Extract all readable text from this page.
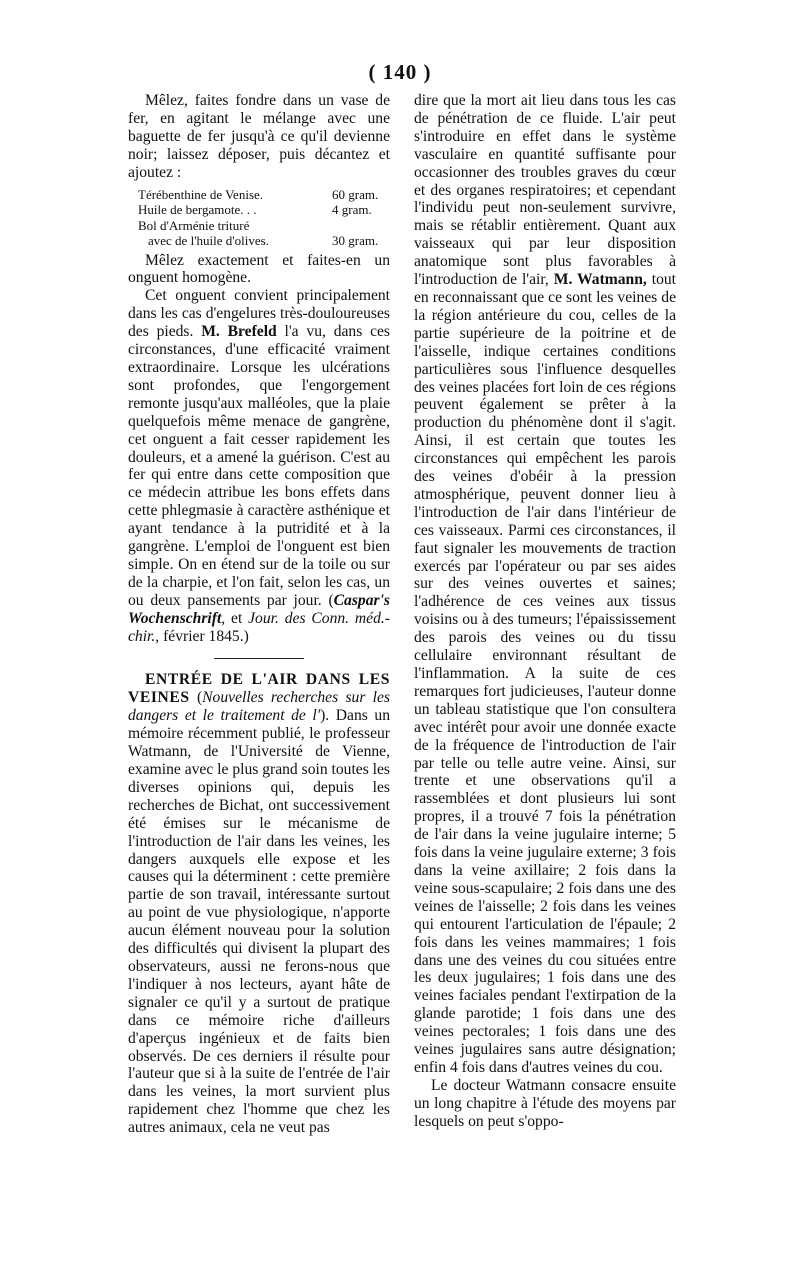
( 140 )

Mêlez, faites fondre dans un vase de fer, en agitant le mélange avec une baguette de fer jusqu'à ce qu'il devienne noir; laissez déposer, puis décantez et ajoutez :

Térébenthine de Venise.	60 gram.
Huile de bergamote. . .	4 gram.
Bol d'Arménie trituré
avec de l'huile d'olives.	30 gram.

Mêlez exactement et faites-en un onguent homogène.

Cet onguent convient principalement dans les cas d'engelures très-douloureuses des pieds. M. Brefeld l'a vu, dans ces circonstances, d'une efficacité vraiment extraordinaire. Lorsque les ulcérations sont profondes, que l'engorgement remonte jusqu'aux malléoles, que la plaie quelquefois même menace de gangrène, cet onguent a fait cesser rapidement les douleurs, et a amené la guérison. C'est au fer qui entre dans cette composition que ce médecin attribue les bons effets dans cette phlegmasie à caractère asthénique et ayant tendance à la putridité et à la gangrène. L'emploi de l'onguent est bien simple. On en étend sur de la toile ou sur de la charpie, et l'on fait, selon les cas, un ou deux pansements par jour. (Caspar's Wochenschrift, et Jour. des Conn. méd.-chir., février 1845.)

ENTRÉE DE L'AIR DANS LES VEINES (Nouvelles recherches sur les dangers et le traitement de l'). Dans un mémoire récemment publié, le professeur Watmann, de l'Université de Vienne, examine avec le plus grand soin toutes les diverses opinions qui, depuis les recherches de Bichat, ont successivement été émises sur le mécanisme de l'introduction de l'air dans les veines, les dangers auxquels elle expose et les causes qui la déterminent : cette première partie de son travail, intéressante surtout au point de vue physiologique, n'apporte aucun élément nouveau pour la solution des difficultés qui divisent la plupart des observateurs, aussi ne ferons-nous que l'indiquer à nos lecteurs, ayant hâte de signaler ce qu'il y a surtout de pratique dans ce mémoire riche d'ailleurs d'aperçus ingénieux et de faits bien observés. De ces derniers il résulte pour l'auteur que si à la suite de l'entrée de l'air dans les veines, la mort survient plus rapidement chez l'homme que chez les autres animaux, cela ne veut pas

dire que la mort ait lieu dans tous les cas de pénétration de ce fluide. L'air peut s'introduire en effet dans le système vasculaire en quantité suffisante pour occasionner des troubles graves du cœur et des organes respiratoires; et cependant l'individu peut non-seulement survivre, mais se rétablir entièrement. Quant aux vaisseaux qui par leur disposition anatomique sont plus favorables à l'introduction de l'air, M. Watmann, tout en reconnaissant que ce sont les veines de la région antérieure du cou, celles de la partie supérieure de la poitrine et de l'aisselle, indique certaines conditions particulières sous l'influence desquelles des veines placées fort loin de ces régions peuvent également se prêter à la production du phénomène dont il s'agit. Ainsi, il est certain que toutes les circonstances qui empêchent les parois des veines d'obéir à la pression atmosphérique, peuvent donner lieu à l'introduction de l'air dans l'intérieur de ces vaisseaux. Parmi ces circonstances, il faut signaler les mouvements de traction exercés par l'opérateur ou par ses aides sur des veines ouvertes et saines; l'adhérence de ces veines aux tissus voisins ou à des tumeurs; l'épaississement des parois des veines ou du tissu cellulaire environnant résultant de l'inflammation. A la suite de ces remarques fort judicieuses, l'auteur donne un tableau statistique que l'on consultera avec intérêt pour avoir une donnée exacte de la fréquence de l'introduction de l'air par telle ou telle autre veine. Ainsi, sur trente et une observations qu'il a rassemblées et dont plusieurs lui sont propres, il a trouvé 7 fois la pénétration de l'air dans la veine jugulaire interne; 5 fois dans la veine jugulaire externe; 3 fois dans la veine axillaire; 2 fois dans la veine sous-scapulaire; 2 fois dans une des veines de l'aisselle; 2 fois dans les veines qui entourent l'articulation de l'épaule; 2 fois dans les veines mammaires; 1 fois dans une des veines du cou situées entre les deux jugulaires; 1 fois dans une des veines faciales pendant l'extirpation de la glande parotide; 1 fois dans une des veines pectorales; 1 fois dans une des veines jugulaires sans autre désignation; enfin 4 fois dans d'autres veines du cou.

Le docteur Watmann consacre ensuite un long chapitre à l'étude des moyens par lesquels on peut s'oppo-
